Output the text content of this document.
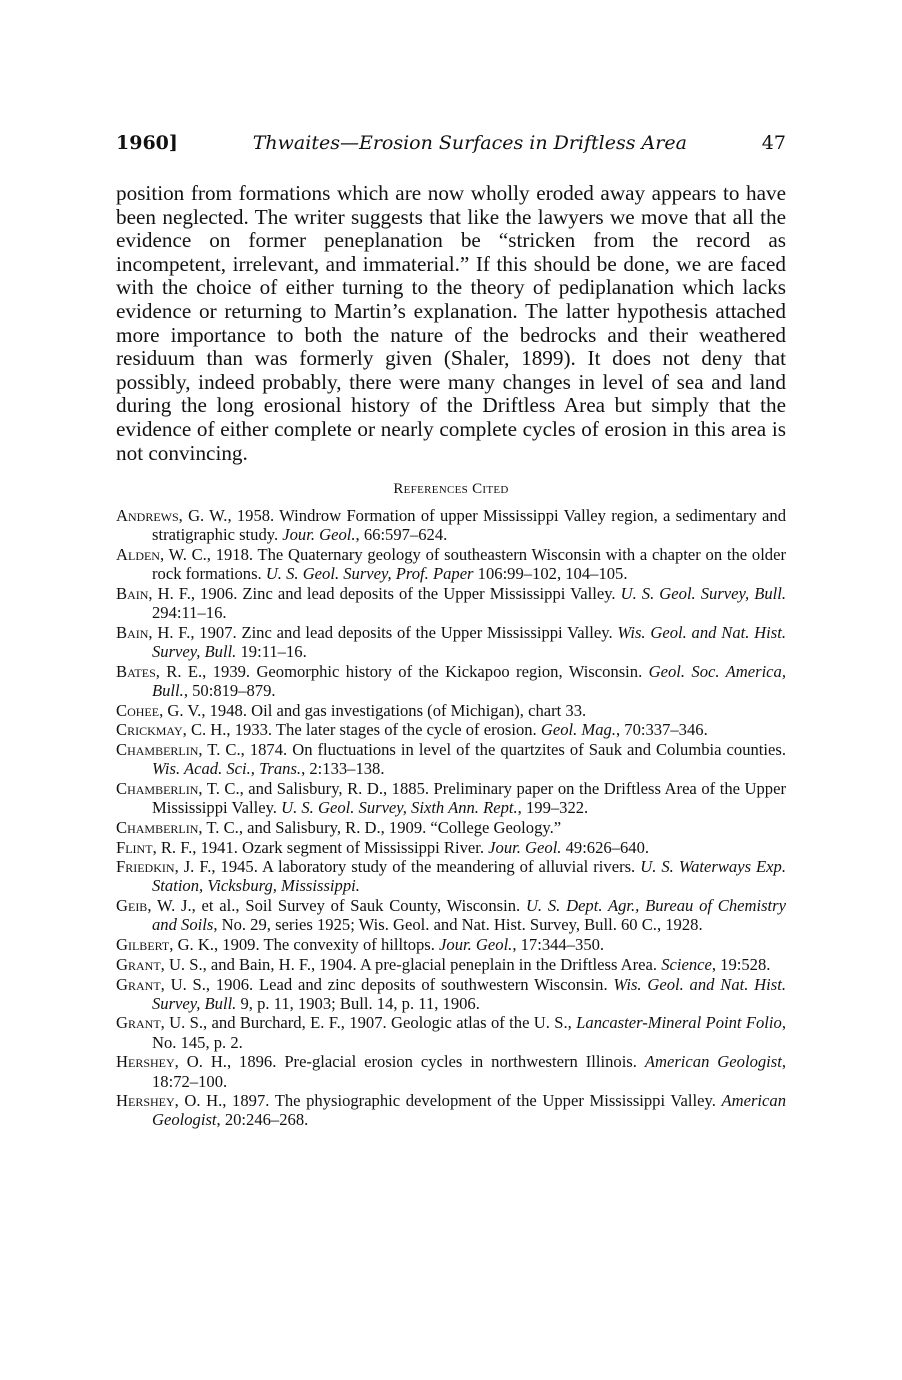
1960]	Thwaites—Erosion Surfaces in Driftless Area	47

position from formations which are now wholly eroded away appears to have been neglected. The writer suggests that like the lawyers we move that all the evidence on former peneplanation be “stricken from the record as incompetent, irrelevant, and immaterial.” If this should be done, we are faced with the choice of either turning to the theory of pediplanation which lacks evidence or returning to Martin’s explanation. The latter hypothesis attached more importance to both the nature of the bedrocks and their weathered residuum than was formerly given (Shaler, 1899). It does not deny that possibly, indeed probably, there were many changes in level of sea and land during the long erosional history of the Driftless Area but simply that the evidence of either complete or nearly complete cycles of erosion in this area is not convincing.

References Cited
Andrews, G. W., 1958. Windrow Formation of upper Mississippi Valley region, a sedimentary and stratigraphic study. Jour. Geol., 66:597–624.
Alden, W. C., 1918. The Quaternary geology of southeastern Wisconsin with a chapter on the older rock formations. U. S. Geol. Survey, Prof. Paper 106:99–102, 104–105.
Bain, H. F., 1906. Zinc and lead deposits of the Upper Mississippi Valley. U. S. Geol. Survey, Bull. 294:11–16.
Bain, H. F., 1907. Zinc and lead deposits of the Upper Mississippi Valley. Wis. Geol. and Nat. Hist. Survey, Bull. 19:11–16.
Bates, R. E., 1939. Geomorphic history of the Kickapoo region, Wisconsin. Geol. Soc. America, Bull., 50:819–879.
Cohee, G. V., 1948. Oil and gas investigations (of Michigan), chart 33.
Crickmay, C. H., 1933. The later stages of the cycle of erosion. Geol. Mag., 70:337–346.
Chamberlin, T. C., 1874. On fluctuations in level of the quartzites of Sauk and Columbia counties. Wis. Acad. Sci., Trans., 2:133–138.
Chamberlin, T. C., and Salisbury, R. D., 1885. Preliminary paper on the Driftless Area of the Upper Mississippi Valley. U. S. Geol. Survey, Sixth Ann. Rept., 199–322.
Chamberlin, T. C., and Salisbury, R. D., 1909. “College Geology.”
Flint, R. F., 1941. Ozark segment of Mississippi River. Jour. Geol. 49:626–640.
Friedkin, J. F., 1945. A laboratory study of the meandering of alluvial rivers. U. S. Waterways Exp. Station, Vicksburg, Mississippi.
Geib, W. J., et al., Soil Survey of Sauk County, Wisconsin. U. S. Dept. Agr., Bureau of Chemistry and Soils, No. 29, series 1925; Wis. Geol. and Nat. Hist. Survey, Bull. 60 C., 1928.
Gilbert, G. K., 1909. The convexity of hilltops. Jour. Geol., 17:344–350.
Grant, U. S., and Bain, H. F., 1904. A pre-glacial peneplain in the Driftless Area. Science, 19:528.
Grant, U. S., 1906. Lead and zinc deposits of southwestern Wisconsin. Wis. Geol. and Nat. Hist. Survey, Bull. 9, p. 11, 1903; Bull. 14, p. 11, 1906.
Grant, U. S., and Burchard, E. F., 1907. Geologic atlas of the U. S., Lancaster-Mineral Point Folio, No. 145, p. 2.
Hershey, O. H., 1896. Pre-glacial erosion cycles in northwestern Illinois. American Geologist, 18:72–100.
Hershey, O. H., 1897. The physiographic development of the Upper Mississippi Valley. American Geologist, 20:246–268.
